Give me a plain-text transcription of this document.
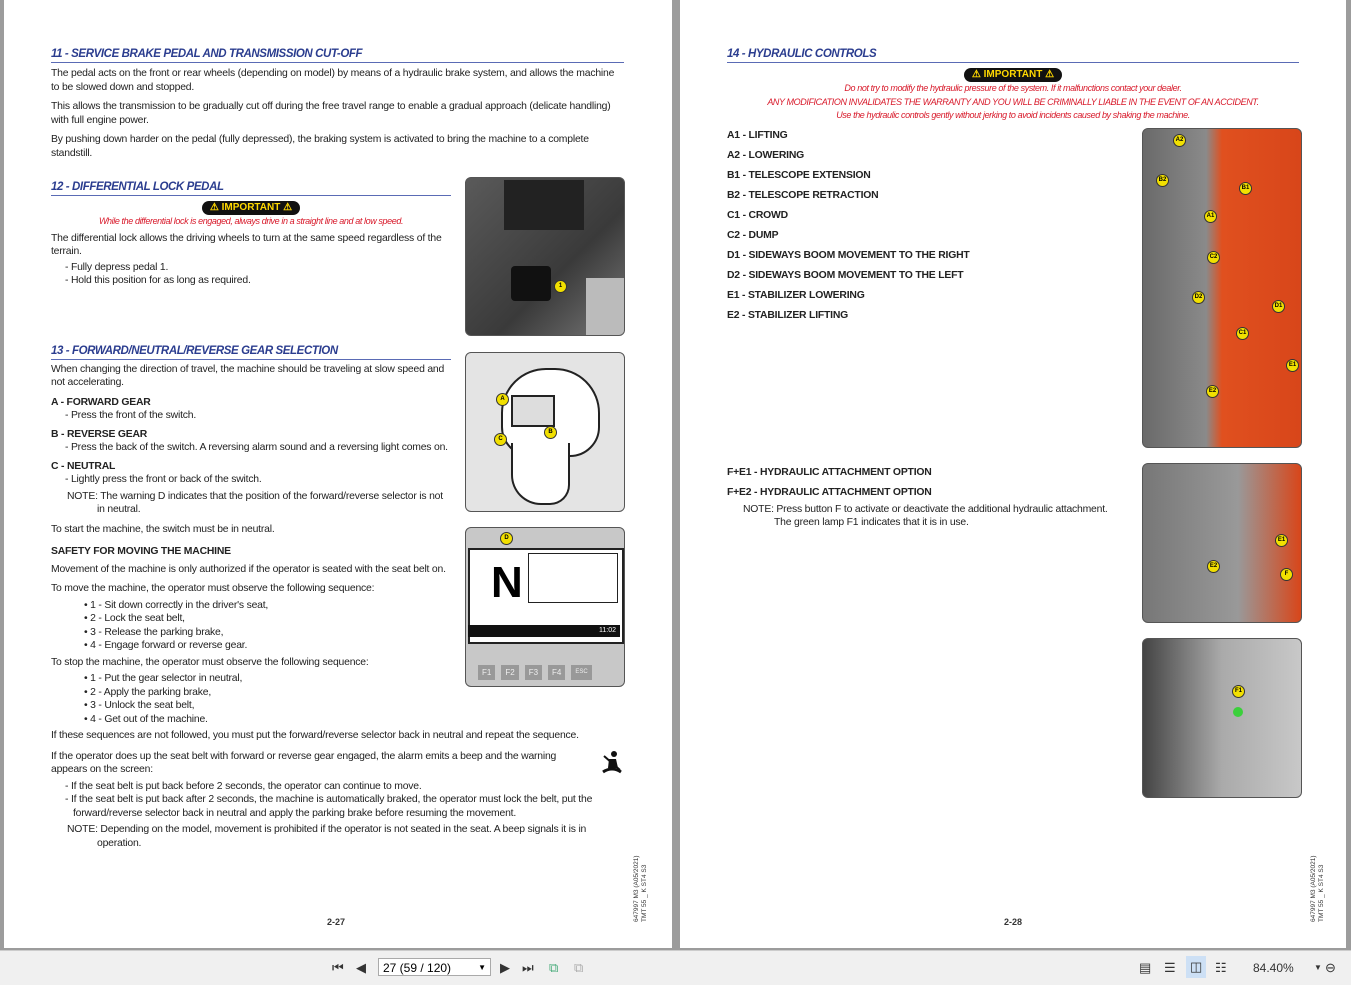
1
A
B
C
N
11:02
D
F1	F2	F3	F4	ESC
11 - SERVICE BRAKE PEDAL AND TRANSMISSION CUT-OFF
The pedal acts on the front or rear wheels (depending on model) by means of a hydraulic brake system, and allows the machine to be slowed down and stopped.
This allows the transmission to be gradually cut off during the free travel range to enable a gradual approach (delicate handling) with full engine power.
By pushing down harder on the pedal (fully depressed), the braking system is activated to bring the machine to a complete standstill.
12 - DIFFERENTIAL LOCK PEDAL
⚠ IMPORTANT ⚠
While the differential lock is engaged, always drive in a straight line and at low speed.
The differential lock allows the driving wheels to turn at the same speed regardless of the terrain.
- Fully depress pedal 1.
- Hold this position for as long as required.
13 - FORWARD/NEUTRAL/REVERSE GEAR SELECTION
When changing the direction of travel, the machine should be traveling at slow speed and not accelerating.
A - FORWARD GEAR
- Press the front of the switch.
B - REVERSE GEAR
- Press the back of the switch. A reversing alarm sound and a reversing light comes on.
C - NEUTRAL
- Lightly press the front or back of the switch.
NOTE: The warning D indicates that the position of the forward/reverse selector is not in neutral.
To start the machine, the switch must be in neutral.
SAFETY FOR MOVING THE MACHINE
Movement of the machine is only authorized if the operator is seated with the seat belt on.
To move the machine, the operator must observe the following sequence:
• 1 - Sit down correctly in the driver's seat,
• 2 - Lock the seat belt,
• 3 - Release the parking brake,
• 4 - Engage forward or reverse gear.
To stop the machine, the operator must observe the following sequence:
• 1 - Put the gear selector in neutral,
• 2 - Apply the parking brake,
• 3 - Unlock the seat belt,
• 4 - Get out of the machine.
If these sequences are not followed, you must put the forward/reverse selector back in neutral and repeat the sequence.
If the operator does up the seat belt with forward or reverse gear engaged, the alarm emits a beep and the warning appears on the screen:
- If the seat belt is put back before 2 seconds, the operator can continue to move.
- If the seat belt is put back after 2 seconds, the machine is automatically braked, the operator must lock the belt, put the forward/reverse selector back in neutral and apply the parking brake before resuming the movement.
NOTE: Depending on the model, movement is prohibited if the operator is not seated in the seat. A beep signals it is in operation.
2-27	647997 M3 (A05/2021) TMT 55 _ K ST4 S3
A2
B2
B1
A1
C2
D2
D1
C1
E1
E2
E1
E2
F
F1
14 - HYDRAULIC CONTROLS
⚠ IMPORTANT ⚠
Do not try to modify the hydraulic pressure of the system. If it malfunctions contact your dealer.
ANY MODIFICATION INVALIDATES THE WARRANTY AND YOU WILL BE CRIMINALLY LIABLE IN THE EVENT OF AN ACCIDENT.
Use the hydraulic controls gently without jerking to avoid incidents caused by shaking the machine.
A1 - LIFTING
A2 - LOWERING
B1 - TELESCOPE EXTENSION
B2 - TELESCOPE RETRACTION
C1 - CROWD
C2 - DUMP
D1 - SIDEWAYS BOOM MOVEMENT TO THE RIGHT
D2 - SIDEWAYS BOOM MOVEMENT TO THE LEFT
E1 - STABILIZER LOWERING
E2 - STABILIZER LIFTING
F+E1 - HYDRAULIC ATTACHMENT OPTION
F+E2 - HYDRAULIC ATTACHMENT OPTION
NOTE: Press button F to activate or deactivate the additional hydraulic attachment.
The green lamp F1 indicates that it is in use.
2-28	647997 M3 (A05/2021) TMT 55 _ K ST4 S3
⏮ ◀	27 (59 / 120)	▼ ▶ ⏭ ⧉ ⧉	▤ ☰	◫ ☷ 84.40%	▼ ⊖
